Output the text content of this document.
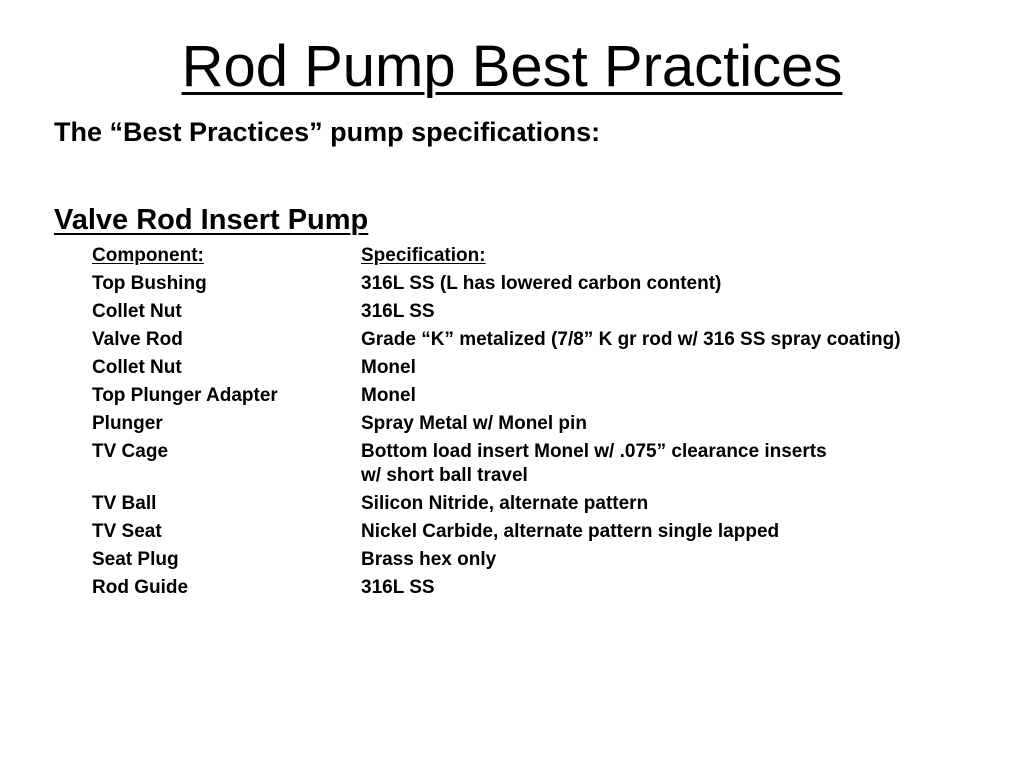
Rod Pump Best Practices
The “Best Practices” pump specifications:
Valve Rod Insert Pump
Component:	Specification:
Top Bushing	316L SS (L has lowered carbon content)
Collet Nut	316L SS
Valve Rod	Grade “K” metalized (7/8” K gr rod w/ 316 SS spray coating)
Collet Nut	Monel
Top Plunger Adapter	Monel
Plunger	Spray Metal w/ Monel pin
TV Cage	Bottom load insert Monel w/ .075” clearance inserts
w/ short ball travel
TV Ball	Silicon Nitride, alternate pattern
TV Seat	Nickel Carbide, alternate pattern single lapped
Seat Plug	Brass hex only
Rod Guide	316L SS
